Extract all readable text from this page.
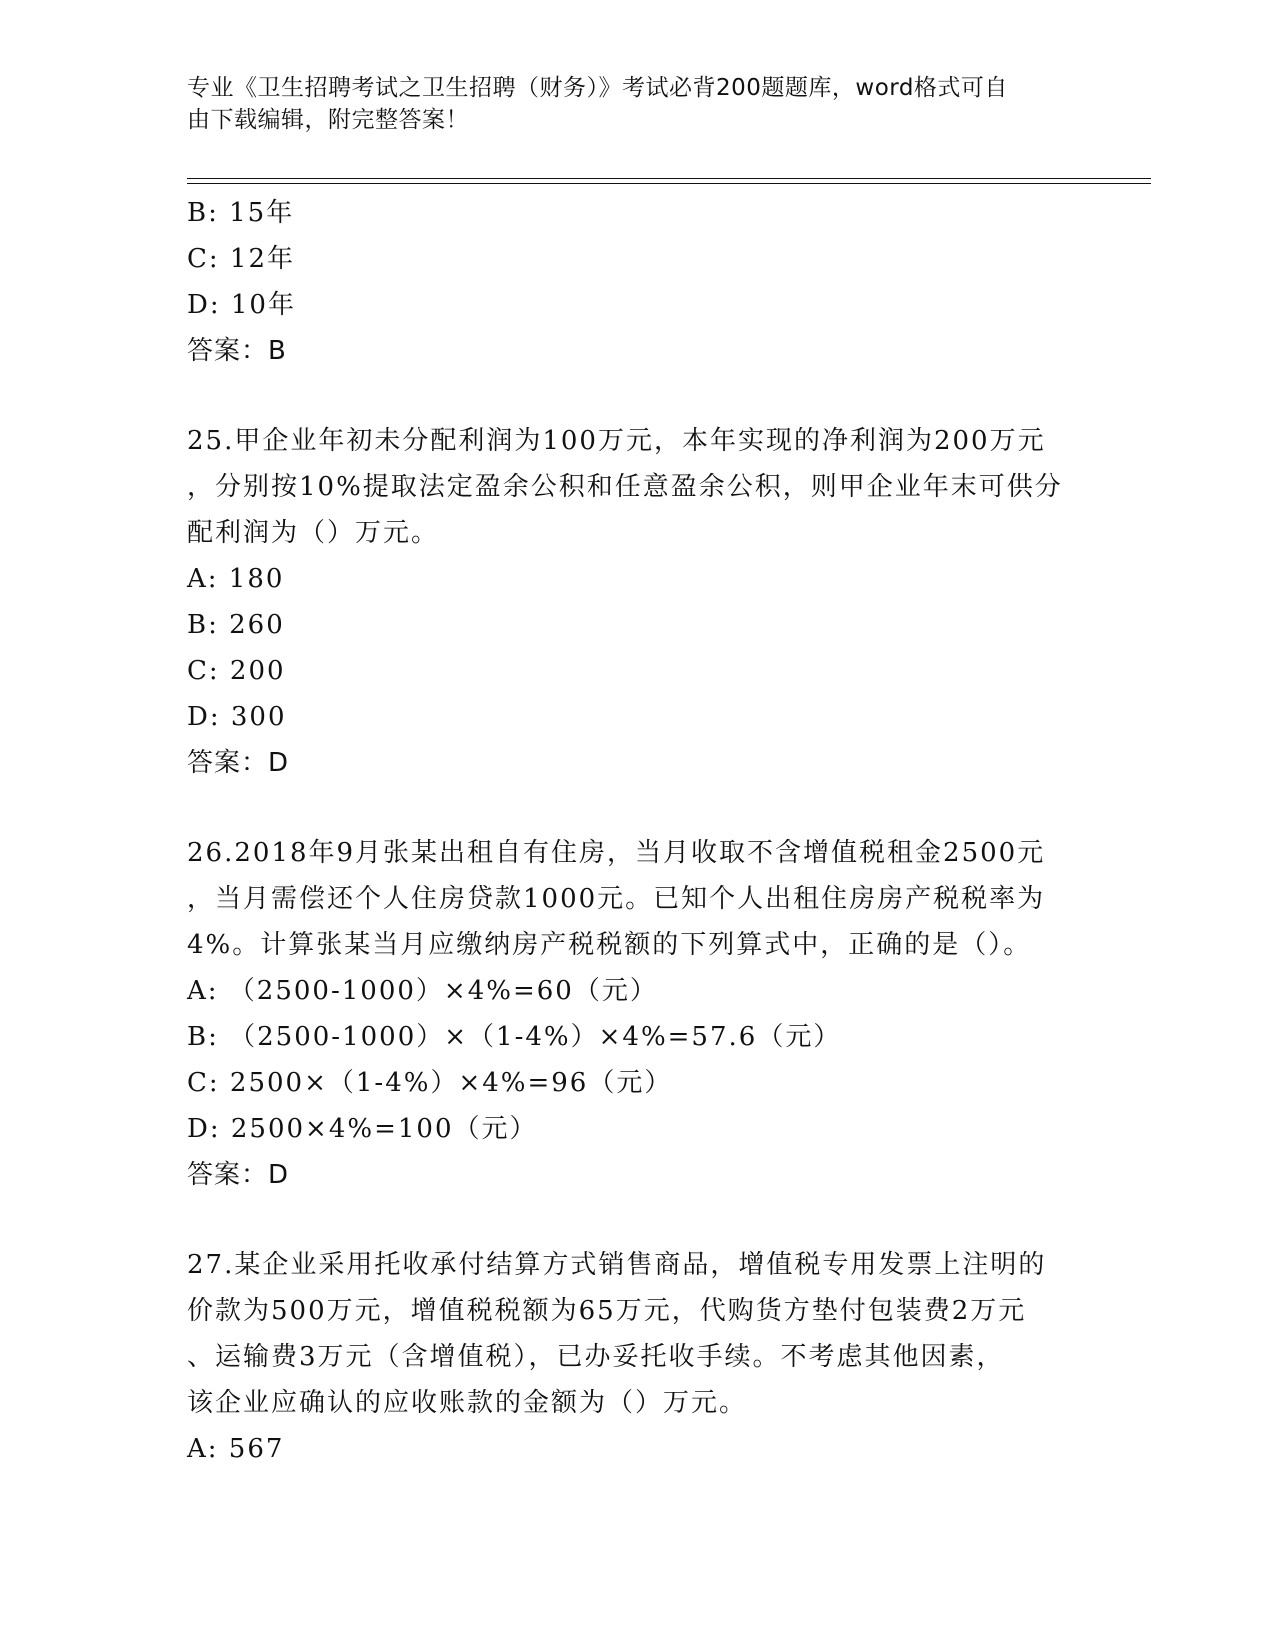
专业《卫生招聘考试之卫生招聘（财务）》考试必背200题题库，word格式可自
由下载编辑，附完整答案！
B: 15年
C: 12年
D: 10年
答案：B
25.甲企业年初未分配利润为100万元，本年实现的净利润为200万元
，分别按10%提取法定盈余公积和任意盈余公积，则甲企业年末可供分
配利润为（）万元。
A: 180
B: 260
C: 200
D: 300
答案：D
26.2018年9月张某出租自有住房，当月收取不含增值税租金2500元
，当月需偿还个人住房贷款1000元。已知个人出租住房房产税税率为
4%。计算张某当月应缴纳房产税税额的下列算式中，正确的是（）。
A: （2500-1000）×4%=60（元）
B: （2500-1000）×（1-4%）×4%=57.6（元）
C: 2500×（1-4%）×4%=96（元）
D: 2500×4%=100（元）
答案：D
27.某企业采用托收承付结算方式销售商品，增值税专用发票上注明的
价款为500万元，增值税税额为65万元，代购货方垫付包装费2万元
、运输费3万元（含增值税），已办妥托收手续。不考虑其他因素，
该企业应确认的应收账款的金额为（）万元。
A: 567
